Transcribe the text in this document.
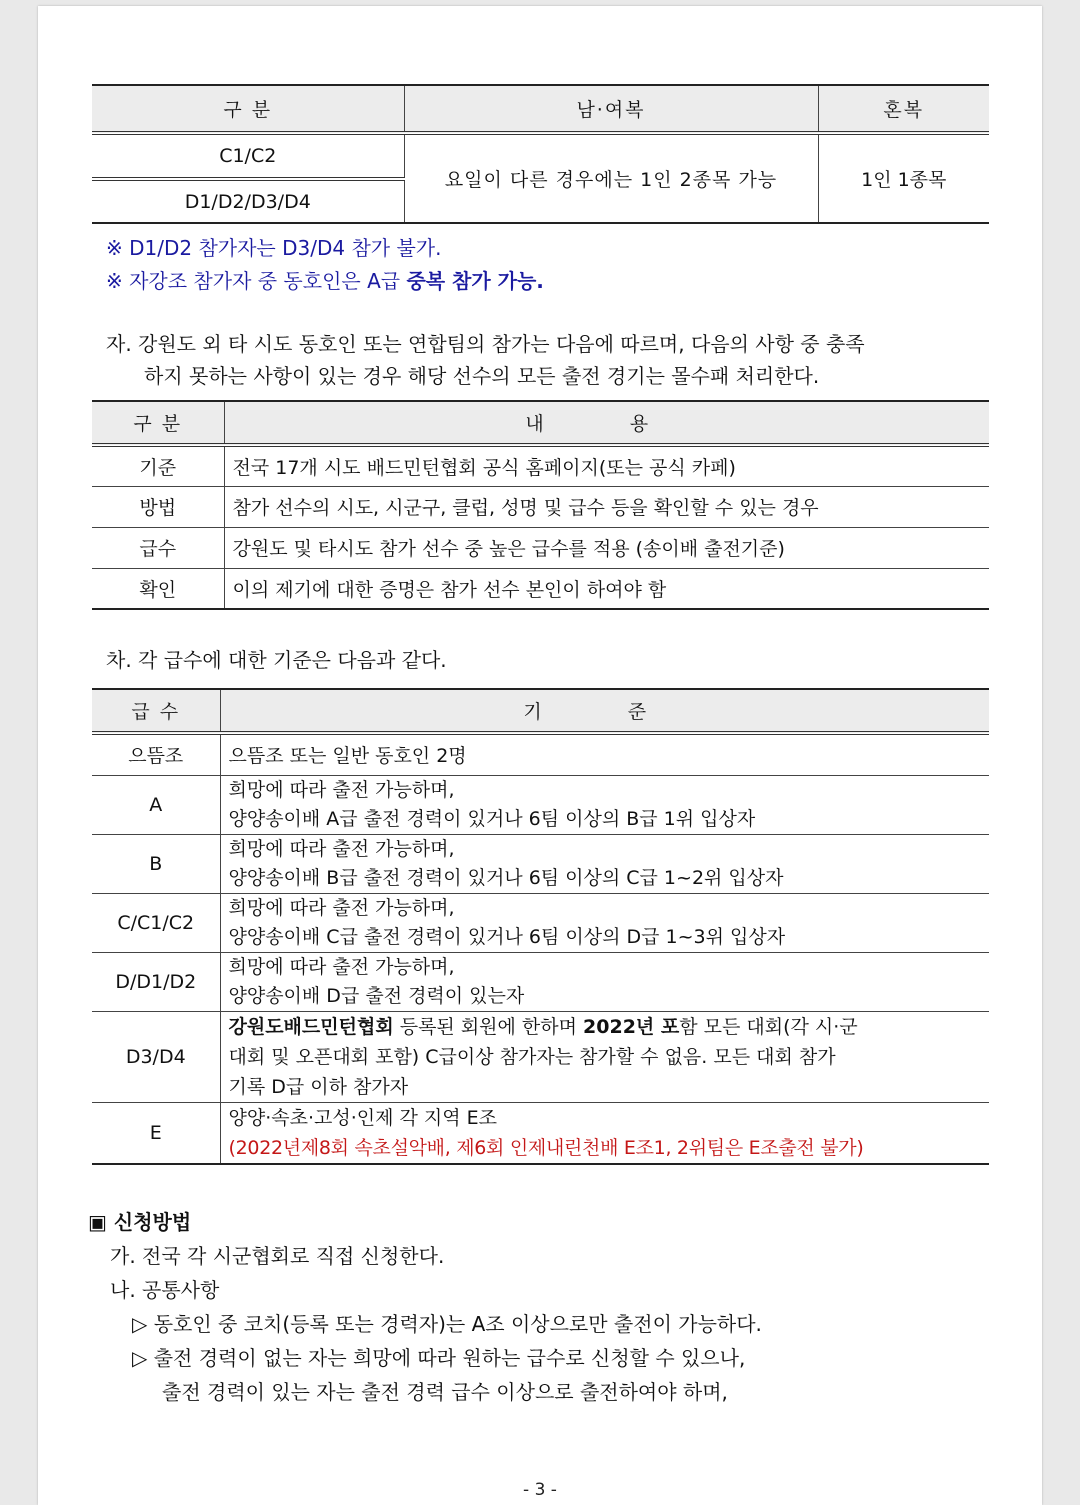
구 분	남·여복	혼복
C1/C2	요일이 다른 경우에는 1인 2종목 가능	1인 1종목
D1/D2/D3/D4		

※ D1/D2 참가자는 D3/D4 참가 불가.

※ 자강조 참가자 중 동호인은 A급 중복 참가 가능.

자. 강원도 외 타 시도 동호인 또는 연합팀의 참가는 다음에 따르며, 다음의 사항 중 충족
하지 못하는 사항이 있는 경우 해당 선수의 모든 출전 경기는 몰수패 처리한다.

구 분	내 용
기준	전국 17개 시도 배드민턴협회 공식 홈페이지(또는 공식 카페)
방법	참가 선수의 시도, 시군구, 클럽, 성명 및 급수 등을 확인할 수 있는 경우
급수	강원도 및 타시도 참가 선수 중 높은 급수를 적용 (송이배 출전기준)
확인	이의 제기에 대한 증명은 참가 선수 본인이 하여야 함

차. 각 급수에 대한 기준은 다음과 같다.

급 수	기 준
으뜸조	으뜸조 또는 일반 동호인 2명
A	희망에 따라 출전 가능하며,
양양송이배 A급 출전 경력이 있거나 6팀 이상의 B급 1위 입상자

B	희망에 따라 출전 가능하며,
양양송이배 B급 출전 경력이 있거나 6팀 이상의 C급 1~2위 입상자

C/C1/C2	희망에 따라 출전 가능하며,
양양송이배 C급 출전 경력이 있거나 6팀 이상의 D급 1~3위 입상자

D/D1/D2	희망에 따라 출전 가능하며,
양양송이배 D급 출전 경력이 있는자

D3/D4	강원도배드민턴협회 등록된 회원에 한하며 2022년 포함 모든 대회(각 시·군
대회 및 오픈대회 포함) C급이상 참가자는 참가할 수 없음. 모든 대회 참가
기록 D급 이하 참가자

E	양양·속초·고성·인제 각 지역 E조
(2022년제8회 속초설악배, 제6회 인제내린천배 E조1, 2위팀은 E조출전 불가)

▣ 신청방법

가. 전국 각 시군협회로 직접 신청한다.

나. 공통사항

▷ 동호인 중 코치(등록 또는 경력자)는 A조 이상으로만 출전이 가능하다.

▷ 출전 경력이 없는 자는 희망에 따라 원하는 급수로 신청할 수 있으나,
출전 경력이 있는 자는 출전 경력 급수 이상으로 출전하여야 하며,

- 3 -
